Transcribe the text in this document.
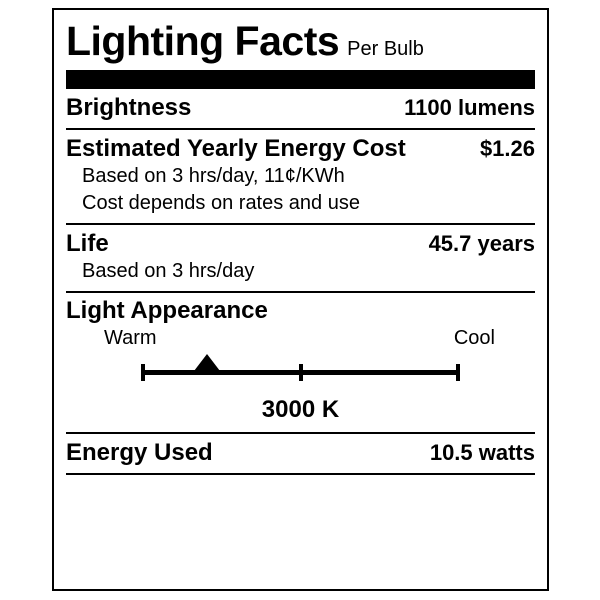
Lighting Facts Per Bulb
Brightness	1100 lumens
Estimated Yearly Energy Cost	$1.26
Based on 3 hrs/day, 11¢/KWh
Cost depends on rates and use
Life	45.7 years
Based on 3 hrs/day
Light Appearance
Warm	Cool
3000 K
Energy Used	10.5 watts
